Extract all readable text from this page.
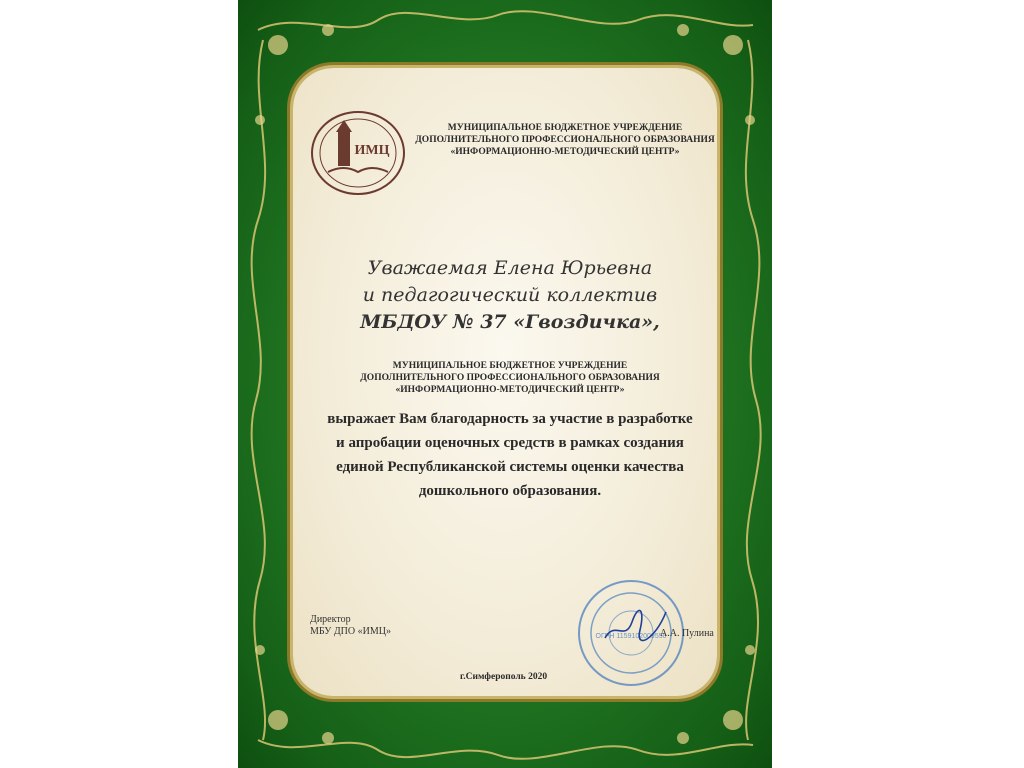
ИМЦ
МУНИЦИПАЛЬНОЕ БЮДЖЕТНОЕ УЧРЕЖДЕНИЕ
ДОПОЛНИТЕЛЬНОГО ПРОФЕССИОНАЛЬНОГО ОБРАЗОВАНИЯ
«ИНФОРМАЦИОННО-МЕТОДИЧЕСКИЙ ЦЕНТР»
Уважаемая Елена Юрьевна
и педагогический коллектив
МБДОУ № 37 «Гвоздичка»,
МУНИЦИПАЛЬНОЕ БЮДЖЕТНОЕ УЧРЕЖДЕНИЕ
ДОПОЛНИТЕЛЬНОГО ПРОФЕССИОНАЛЬНОГО ОБРАЗОВАНИЯ
«ИНФОРМАЦИОННО-МЕТОДИЧЕСКИЙ ЦЕНТР»
выражает Вам благодарность за участие в разработке
и апробации оценочных средств в рамках создания
единой Республиканской системы оценки качества
дошкольного образования.
Директор
МБУ ДПО «ИМЦ»	ОГРН 1159102009550
А.А. Пулина
г.Симферополь 2020
